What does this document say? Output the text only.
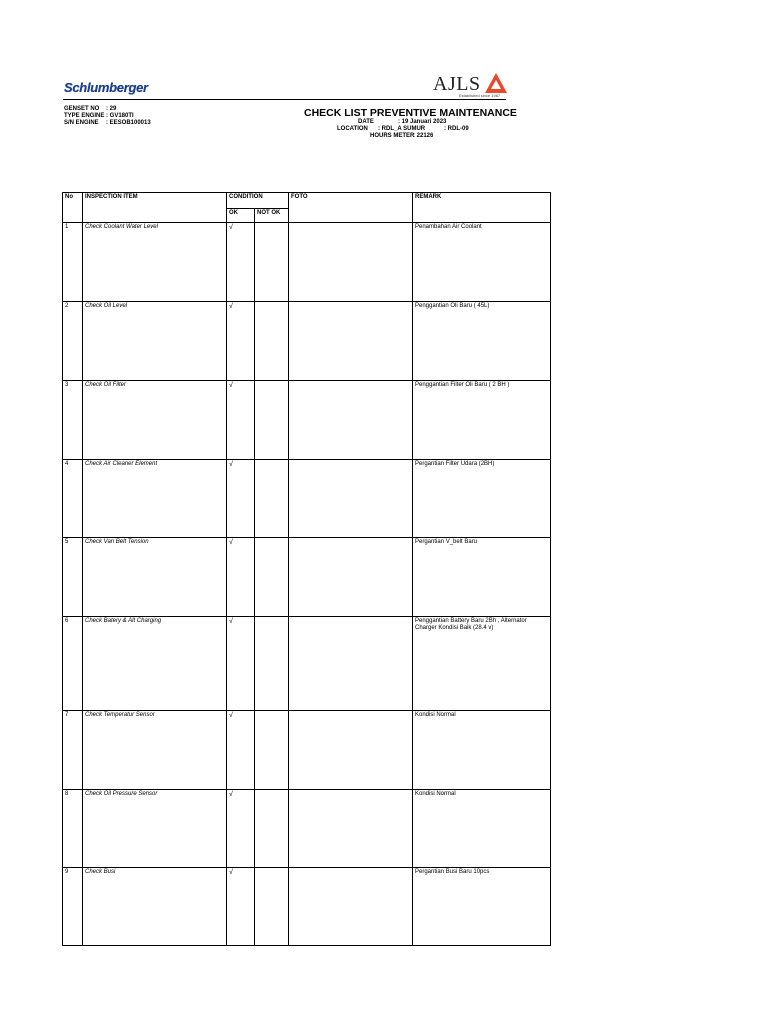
Schlumberger	AJLS
Established since 1987
GENSET NO	: 29
TYPE ENGINE : GV180TI
S/N ENGINE	: EESOB100013
CHECK LIST PREVENTIVE MAINTENANCE
DATE	: 19 Januari 2023
LOCATION : RDL_A SUMUR	: RDL-09
HOURS METER
: 22126
No	INSPECTION ITEM	CONDITION		FOTO	REMARK
		OK	NOT OK		
1	Check Coolant Water Level	√			Penambahan Air Coolant
2	Check Oil Level	√			Penggantian Oli Baru ( 45L)
3	Check Oil Filter	√			Penggantian Filter Oli Baru ( 2 BH )
4	Check Air Cleaner Element	√			Pergantian Filter Udara (2BH)
5	Check Van Belt Tension	√			Pergantian V_belt Baru
6	Check Batery & Alt Charging	√			Penggantian Battery Baru 2Bh , Alternator Charger Kondisi Baik (28.4 v)
7	Check Temperatur Sensor	√			Kondisi Normal
8	Check Oil Pressure Sensor	√			Kondisi Normal
9	Check Busi	√			Pergantian Busi Baru 10pcs
